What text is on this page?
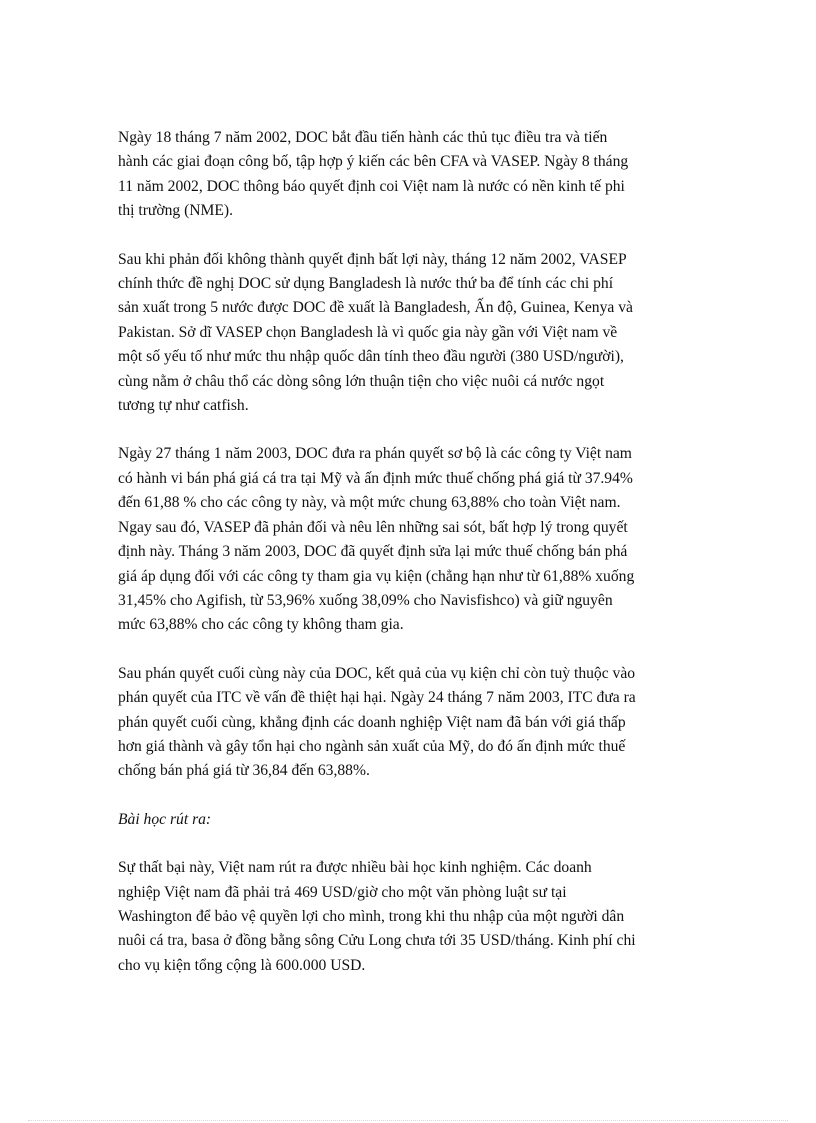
Ngày 18 tháng 7 năm 2002, DOC bắt đầu tiến hành các thủ tục điều tra và tiến
hành các giai đoạn công bố, tập hợp ý kiến các bên CFA và VASEP. Ngày 8 tháng
11 năm 2002, DOC thông báo quyết định coi Việt nam là nước có nền kinh tế phi
thị trường (NME).
Sau khi phản đối không thành quyết định bất lợi này, tháng 12 năm 2002, VASEP
chính thức đề nghị DOC sử dụng Bangladesh là nước thứ ba để tính các chi phí
sản xuất trong 5 nước được DOC đề xuất là Bangladesh, Ấn độ, Guinea, Kenya và
Pakistan. Sở dĩ VASEP chọn Bangladesh là vì quốc gia này gần với Việt nam về
một số yếu tố như mức thu nhập quốc dân tính theo đầu người (380 USD/người),
cùng nằm ở châu thổ các dòng sông lớn thuận tiện cho việc nuôi cá nước ngọt
tương tự như catfish.
Ngày 27 tháng 1 năm 2003, DOC đưa ra phán quyết sơ bộ là các công ty Việt nam
có hành vi bán phá giá cá tra tại Mỹ và ấn định mức thuế chống phá giá từ 37.94%
đến 61,88 % cho các công ty này, và một mức chung 63,88% cho toàn Việt nam.
Ngay sau đó, VASEP đã phản đối và nêu lên những sai sót, bất hợp lý trong quyết
định này. Tháng 3 năm 2003, DOC đã quyết định sửa lại mức thuế chống bán phá
giá áp dụng đối với các công ty tham gia vụ kiện (chẳng hạn như từ 61,88% xuống
31,45% cho Agifish, từ 53,96% xuống 38,09% cho Navisfishco) và giữ nguyên
mức 63,88% cho các công ty không tham gia.
Sau phán quyết cuối cùng này của DOC, kết quả của vụ kiện chỉ còn tuỳ thuộc vào
phán quyết của ITC về vấn đề thiệt hại hại. Ngày 24 tháng 7 năm 2003, ITC đưa ra
phán quyết cuối cùng, khẳng định các doanh nghiệp Việt nam đã bán với giá thấp
hơn giá thành và gây tổn hại cho ngành sản xuất của Mỹ, do đó ấn định mức thuế
chống bán phá giá từ 36,84 đến 63,88%.
Bài học rút ra:
Sự thất bại này, Việt nam rút ra được nhiều bài học kinh nghiệm. Các doanh
nghiệp Việt nam đã phải trả 469 USD/giờ cho một văn phòng luật sư tại
Washington để bảo vệ quyền lợi cho mình, trong khi thu nhập của một người dân
nuôi cá tra, basa ở đồng bằng sông Cửu Long chưa tới 35 USD/tháng. Kinh phí chi
cho vụ kiện tổng cộng là 600.000 USD.
